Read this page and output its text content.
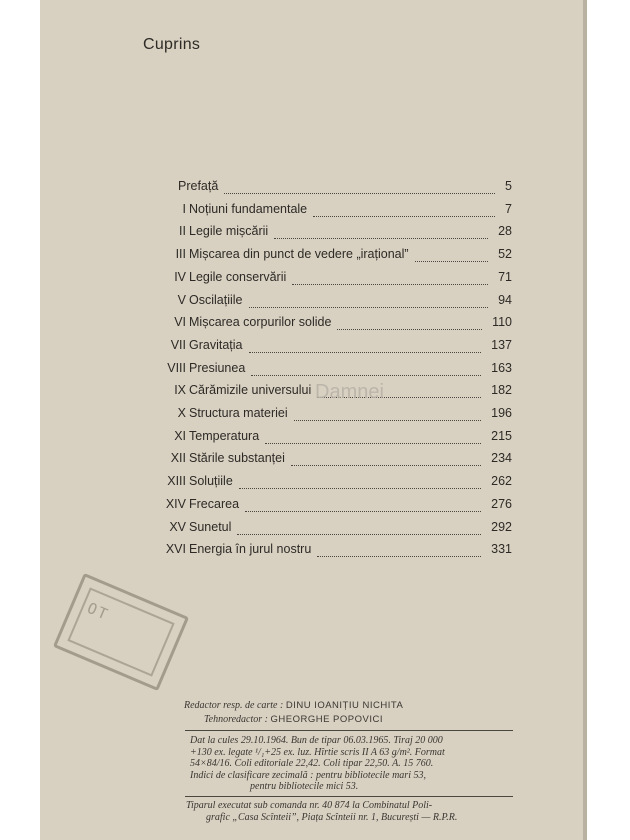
Cuprins
Prefață	5
I Noțiuni fundamentale	7
II Legile mișcării	28
III Mișcarea din punct de vedere „irațional”	52
IV Legile conservării	71
V Oscilațiile	94
VI Mișcarea corpurilor solide	110
VII Gravitația	137
VIII Presiunea	163
IX Cărămizile universului	182
X Structura materiei	196
XI Temperatura	215
XII Stările substanței	234
XIII Soluțiile	262
XIV Frecarea	276
XV Sunetul	292
XVI Energia în jurul nostru	331
Damnei
OT
Redactor resp. de carte : DINU IOANIȚIU NICHITA
Tehnoredactor : GHEORGHE POPOVICI
Dat la cules 29.10.1964. Bun de tipar 06.03.1965. Tiraj 20 000
+130 ex. legate ¹/₁+25 ex. luz. Hîrtie scris II A 63 g/m². Format
54×84/16. Coli editoriale 22,42. Coli tipar 22,50. A. 15 760.
Indici de clasificare zecimală : pentru bibliotecile mari 53,
pentru bibliotecile mici 53.
Tiparul executat sub comanda nr. 40 874 la Combinatul Poli-
grafic „Casa Scînteii”, Piața Scînteii nr. 1, București — R.P.R.
